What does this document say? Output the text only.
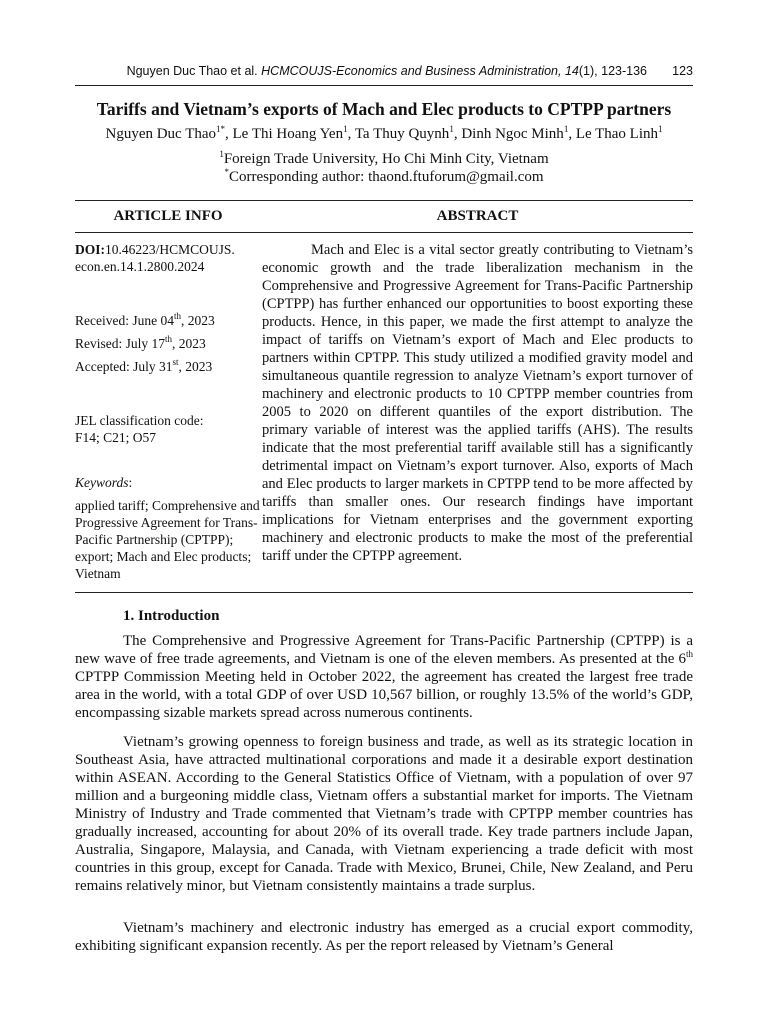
Nguyen Duc Thao et al. HCMCOUJS-Economics and Business Administration, 14(1), 123-136 123
Tariffs and Vietnam’s exports of Mach and Elec products to CPTPP partners
Nguyen Duc Thao$^{1*}$, Le Thi Hoang Yen$^1$, Ta Thuy Quynh$^1$, Dinh Ngoc Minh$^1$, Le Thao Linh$^1$
$^1$Foreign Trade University, Ho Chi Minh City, Vietnam
*Corresponding author: thaond.ftuforum@gmail.com
ARTICLE INFO	ABSTRACT
DOI:10.46223/HCMCOUJS. econ.en.14.1.2800.2024
Received: June 04th, 2023
Revised: July 17th, 2023
Accepted: July 31st, 2023
JEL classification code:
F14; C21; O57
Keywords:
applied tariff; Comprehensive and Progressive Agreement for Trans-Pacific Partnership (CPTPP); export; Mach and Elec products; Vietnam
Mach and Elec is a vital sector greatly contributing to Vietnam’s economic growth and the trade liberalization mechanism in the Comprehensive and Progressive Agreement for Trans-Pacific Partnership (CPTPP) has further enhanced our opportunities to boost exporting these products. Hence, in this paper, we made the first attempt to analyze the impact of tariffs on Vietnam’s export of Mach and Elec products to partners within CPTPP. This study utilized a modified gravity model and simultaneous quantile regression to analyze Vietnam’s export turnover of machinery and electronic products to 10 CPTPP member countries from 2005 to 2020 on different quantiles of the export distribution. The primary variable of interest was the applied tariffs (AHS). The results indicate that the most preferential tariff available still has a significantly detrimental impact on Vietnam’s export turnover. Also, exports of Mach and Elec products to larger markets in CPTPP tend to be more affected by tariffs than smaller ones. Our research findings have important implications for Vietnam enterprises and the government exporting machinery and electronic products to make the most of the preferential tariff under the CPTPP agreement.
1. Introduction
The Comprehensive and Progressive Agreement for Trans-Pacific Partnership (CPTPP) is a new wave of free trade agreements, and Vietnam is one of the eleven members. As presented at the 6th CPTPP Commission Meeting held in October 2022, the agreement has created the largest free trade area in the world, with a total GDP of over USD 10,567 billion, or roughly 13.5% of the world’s GDP, encompassing sizable markets spread across numerous continents.
Vietnam’s growing openness to foreign business and trade, as well as its strategic location in Southeast Asia, have attracted multinational corporations and made it a desirable export destination within ASEAN. According to the General Statistics Office of Vietnam, with a population of over 97 million and a burgeoning middle class, Vietnam offers a substantial market for imports. The Vietnam Ministry of Industry and Trade commented that Vietnam’s trade with CPTPP member countries has gradually increased, accounting for about 20% of its overall trade. Key trade partners include Japan, Australia, Singapore, Malaysia, and Canada, with Vietnam experiencing a trade deficit with most countries in this group, except for Canada. Trade with Mexico, Brunei, Chile, New Zealand, and Peru remains relatively minor, but Vietnam consistently maintains a trade surplus.
Vietnam’s machinery and electronic industry has emerged as a crucial export commodity, exhibiting significant expansion recently. As per the report released by Vietnam’s General
